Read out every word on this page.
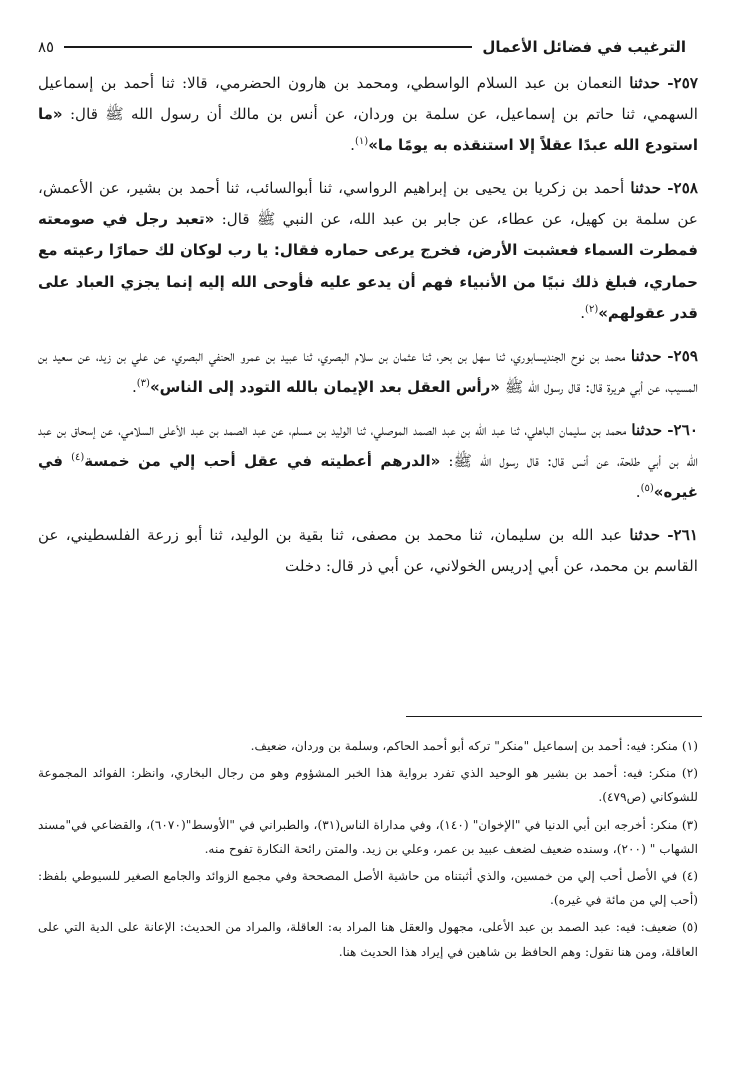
الترغيب في فضائل الأعمال
٨٥

٢٥٧- حدثنا النعمان بن عبد السلام الواسطي، ومحمد بن هارون الحضرمي، قالا: ثنا أحمد بن إسماعيل السهمي، ثنا حاتم بن إسماعيل، عن سلمة بن وردان، عن أنس بن مالك أن رسول الله ﷺ قال: «ما استودع الله عبدًا عقلاً إلا استنقذه به يومًا ما»$^{(١)}$.

٢٥٨- حدثنا أحمد بن زكريا بن يحيى بن إبراهيم الرواسي، ثنا أبوالسائب، ثنا أحمد بن بشير، عن الأعمش، عن سلمة بن كهيل، عن عطاء، عن جابر بن عبد الله، عن النبي ﷺ قال: «تعبد رجل في صومعته فمطرت السماء فعشبت الأرض، فخرج يرعى حماره فقال: يا رب لوكان لك حمارًا رعيته مع حماري، فبلغ ذلك نبيًا من الأنبياء فهم أن يدعو عليه فأوحى الله إليه إنما يجزي العباد على قدر عقولهم»$^{(٢)}$.

٢٥٩- حدثنا محمد بن نوح الجنديسابوري، ثنا سهل بن بحر، ثنا عثمان بن سلام البصري، ثنا عبيد بن عمرو الحنفي البصري، عن علي بن زيد، عن سعيد بن المسيب، عن أبي هريرة قال: قال رسول الله ﷺ «رأس العقل بعد الإيمان بالله التودد إلى الناس»$^{(٣)}$.

٢٦٠- حدثنا محمد بن سليمان الباهلي، ثنا عبد الله بن عبد الصمد الموصلي، ثنا الوليد بن مسلم، عن عبد الصمد بن عبد الأعلى السلامي، عن إسحاق بن عبد الله بن أبي طلحة، عن أنس قال: قال رسول الله ﷺ: «الدرهم أعطيته في عقل أحب إلي من خمسة$^{(٤)}$ في غيره»$^{(٥)}$.

٢٦١- حدثنا عبد الله بن سليمان، ثنا محمد بن مصفى، ثنا بقية بن الوليد، ثنا أبو زرعة الفلسطيني، عن القاسم بن محمد، عن أبي إدريس الخولاني، عن أبي ذر قال: دخلت

(١) منكر: فيه: أحمد بن إسماعيل "منكر" تركه أبو أحمد الحاكم، وسلمة بن وردان، ضعيف.

(٢) منكر: فيه: أحمد بن بشير هو الوحيد الذي تفرد برواية هذا الخبر المشؤوم وهو من رجال البخاري، وانظر: الفوائد المجموعة للشوكاني (ص٤٧٩).

(٣) منكر: أخرجه ابن أبي الدنيا في "الإخوان" (١٤٠)، وفي مداراة الناس(٣١)، والطبراني في "الأوسط"(٦٠٧٠)، والقضاعي في"مسند الشهاب " (٢٠٠)، وسنده ضعيف لضعف عبيد بن عمر، وعلي بن زيد. والمتن رائحة النكارة تفوح منه.

(٤) في الأصل أحب إلي من خمسين، والذي أثبتناه من حاشية الأصل المصححة وفي مجمع الزوائد والجامع الصغير للسيوطي بلفظ: (أحب إلي من مائة في غيره).

(٥) ضعيف: فيه: عبد الصمد بن عبد الأعلى، مجهول والعقل هنا المراد به: العاقلة، والمراد من الحديث: الإعانة على الدية التي على العاقلة، ومن هنا نقول: وهم الحافظ بن شاهين في إيراد هذا الحديث هنا.
